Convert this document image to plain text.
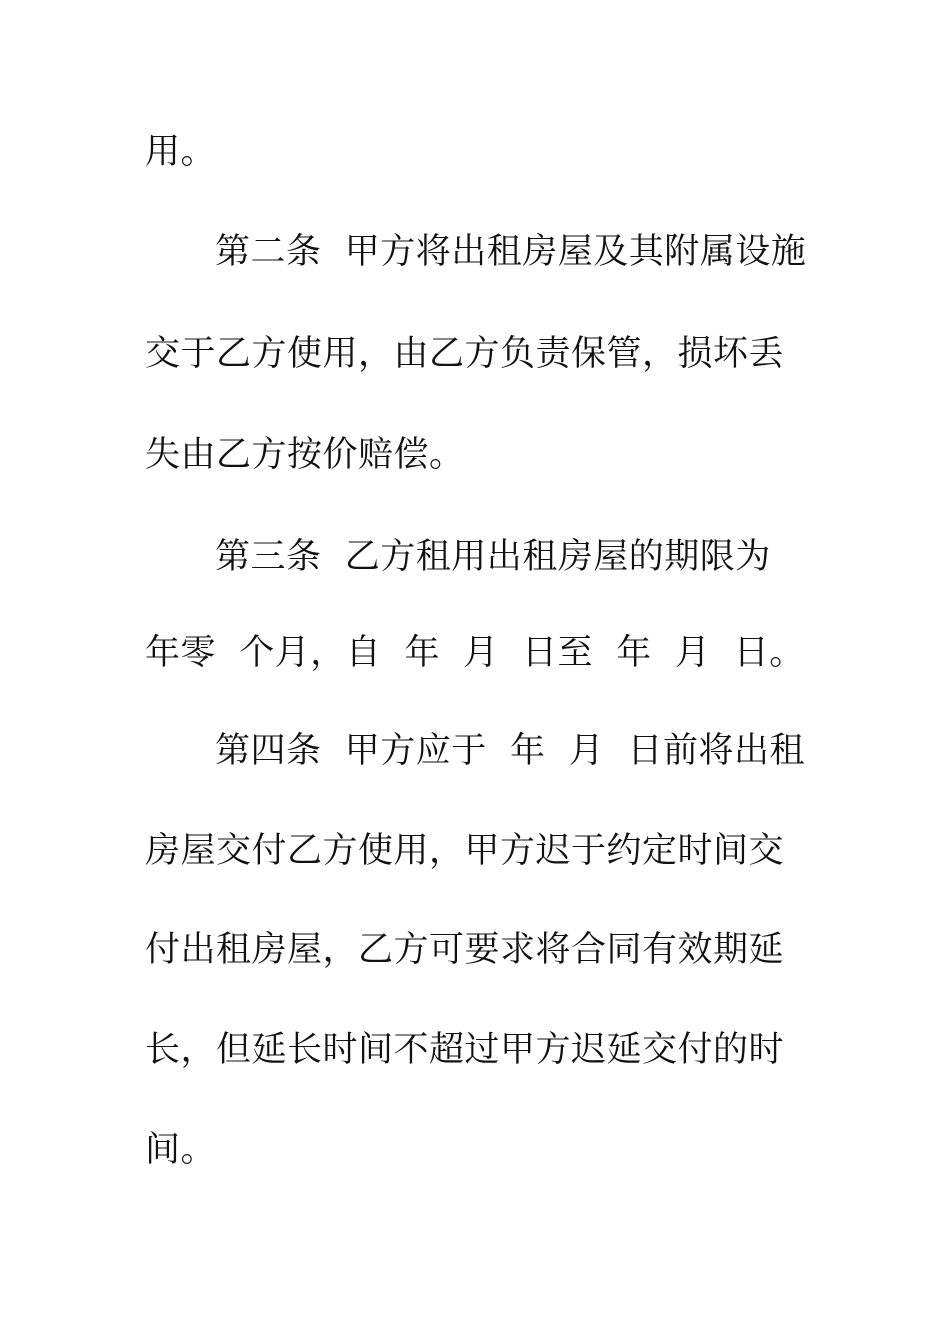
用。

第二条  甲方将出租房屋及其附属设施

交于乙方使用，由乙方负责保管，损坏丢

失由乙方按价赔偿。

第三条  乙方租用出租房屋的期限为

年零  个月，自  年  月  日至  年  月  日。

第四条  甲方应于  年  月  日前将出租

房屋交付乙方使用，甲方迟于约定时间交

付出租房屋，乙方可要求将合同有效期延

长，但延长时间不超过甲方迟延交付的时

间。
